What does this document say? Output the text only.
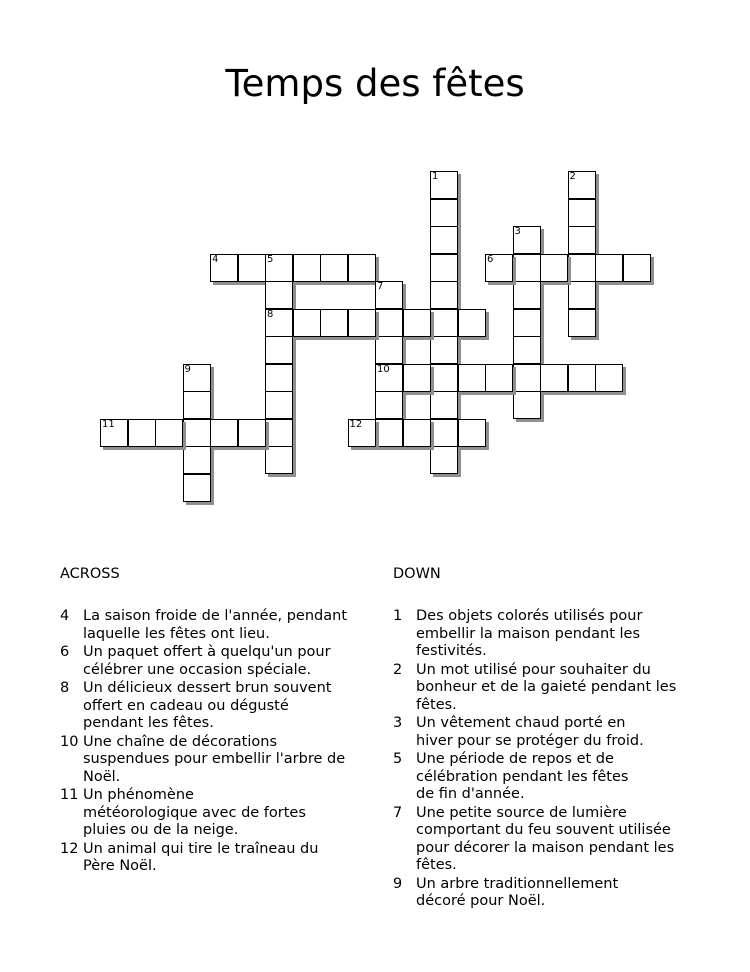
Temps des fêtes
1	2
3
4	5
8
6
7
10
9
11	12
ACROSS
4 La saison froide de l'année, pendant
laquelle les fêtes ont lieu.
6 Un paquet offert à quelqu'un pour
célébrer une occasion spéciale.
8 Un délicieux dessert brun souvent
offert en cadeau ou dégusté
pendant les fêtes.
10 Une chaîne de décorations
suspendues pour embellir l'arbre de
Noël.
11 Un phénomène
météorologique avec de fortes
pluies ou de la neige.
12 Un animal qui tire le traîneau du
Père Noël.
DOWN
1 Des objets colorés utilisés pour
embellir la maison pendant les
festivités.
2 Un mot utilisé pour souhaiter du
bonheur et de la gaieté pendant les
fêtes.
3 Un vêtement chaud porté en
hiver pour se protéger du froid.
5 Une période de repos et de
célébration pendant les fêtes
de fin d'année.
7 Une petite source de lumière
comportant du feu souvent utilisée
pour décorer la maison pendant les
fêtes.
9 Un arbre traditionnellement
décoré pour Noël.
